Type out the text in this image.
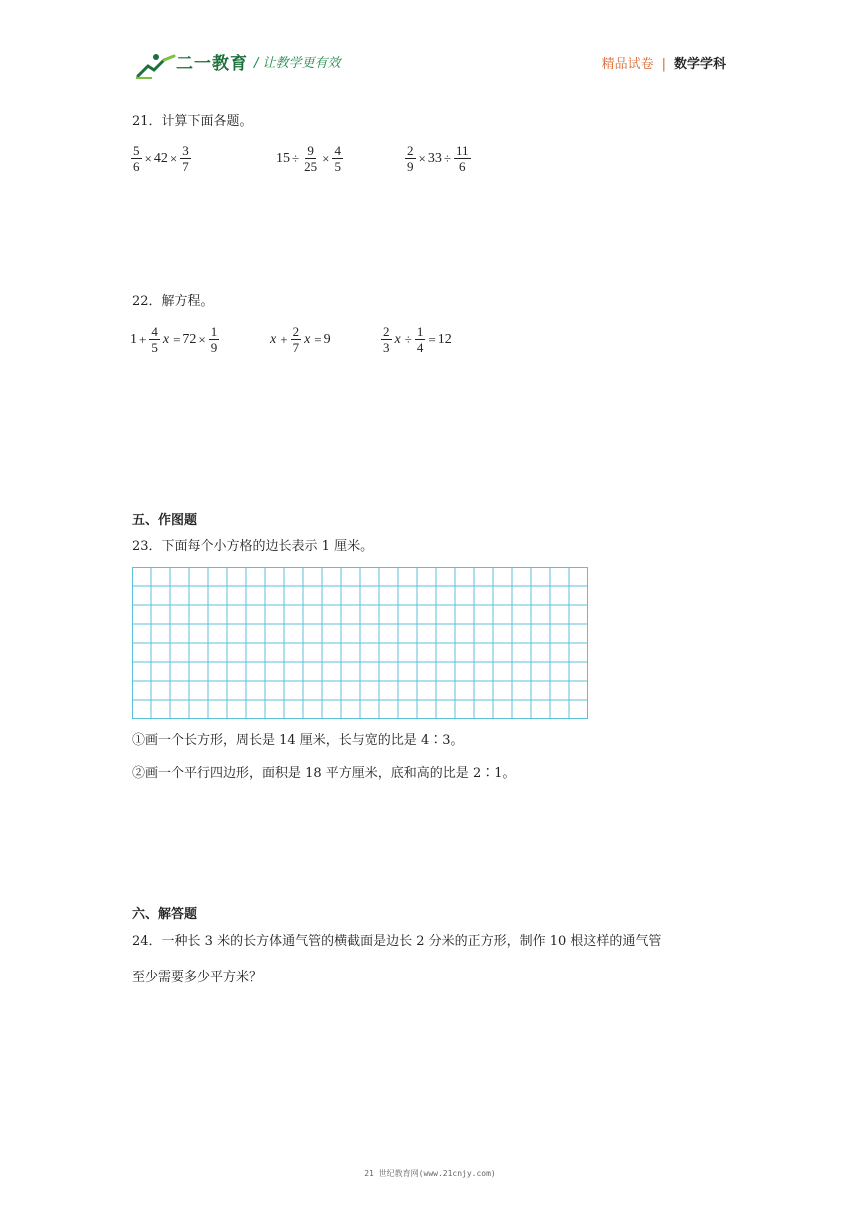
二一教育 / 让教学更有效	精品试卷 | 数学学科
21．计算下面各题。
$\frac{5}{6} \times 42 \times \frac{3}{7}$	$15 \div \frac{9}{25} \times \frac{4}{5}$	$\frac{2}{9} \times 33 \div \frac{11}{6}$
22．解方程。
$1 + \frac{4}{5}$ $x = 72 \times \frac{1}{9}$	$x + \frac{2}{7}$ x = 9	$\frac{2}{3}$ $x \div \frac{1}{4} = 12$
五、作图题
23．下面每个小方格的边长表示 1 厘米。
①画一个长方形，周长是 14 厘米，长与宽的比是 4∶3。
②画一个平行四边形，面积是 18 平方厘米，底和高的比是 2∶1。
六、解答题
24．一种长 3 米的长方体通气管的横截面是边长 2 分米的正方形，制作 10 根这样的通气管
至少需要多少平方米？
21 世纪教育网(www.21cnjy.com)
